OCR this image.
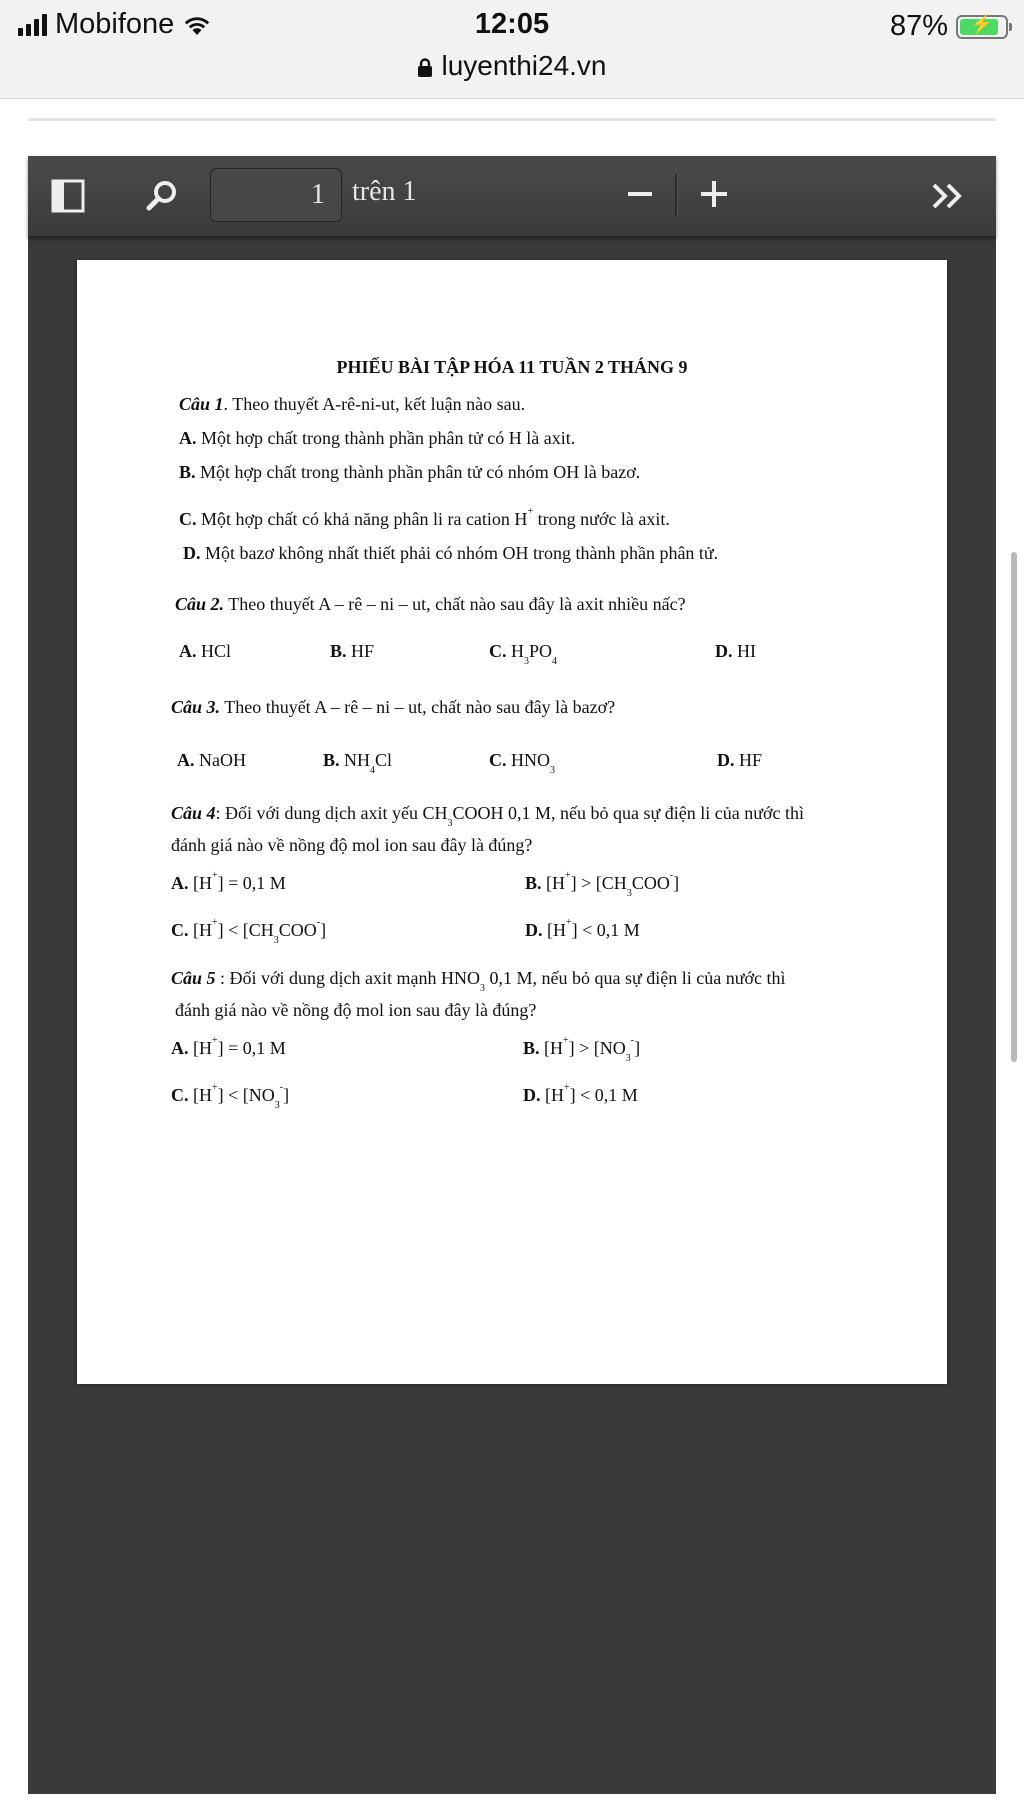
Mobifone	12:05	87%	⚡
luyenthi24.vn
1 trên 1
PHIẾU BÀI TẬP HÓA 11 TUẦN 2 THÁNG 9
Câu 1. Theo thuyết A-rê-ni-ut, kết luận nào sau.
A. Một hợp chất trong thành phần phân tử có H là axit.
B. Một hợp chất trong thành phần phân tử có nhóm OH là bazơ.
C. Một hợp chất có khả năng phân li ra cation H+ trong nước là axit.
D. Một bazơ không nhất thiết phải có nhóm OH trong thành phần phân tử.
Câu 2. Theo thuyết A – rê – ni – ut, chất nào sau đây là axit nhiều nấc?
A. HCl	B. HF	C. $H_3PO_4$
D. HI
Câu 3. Theo thuyết A – rê – ni – ut, chất nào sau đây là bazơ?
A. NaOH	B. $NH_4Cl$	C. $HNO_3$
D. HF
Câu 4: Đối với dung dịch axit yếu $CH_3COOH$ 0,1 M, nếu bỏ qua sự điện li của nước thì
đánh giá nào về nồng độ mol ion sau đây là đúng?
A. [H+] = 0,1 M	B. $[H^+] > [CH_3COO^-]$
C. $[H^+] < [CH_3COO^-]$	D. [H+] < 0,1 M
Câu 5 : Đối với dung dịch axit mạnh $HNO_3$ 0,1 M, nếu bỏ qua sự điện li của nước thì
đánh giá nào về nồng độ mol ion sau đây là đúng?
A. [H+] = 0,1 M	B. $[H^+] > [NO_3^-]$
C. $[H^+] < [NO_3^-]$	D. [H+] < 0,1 M
